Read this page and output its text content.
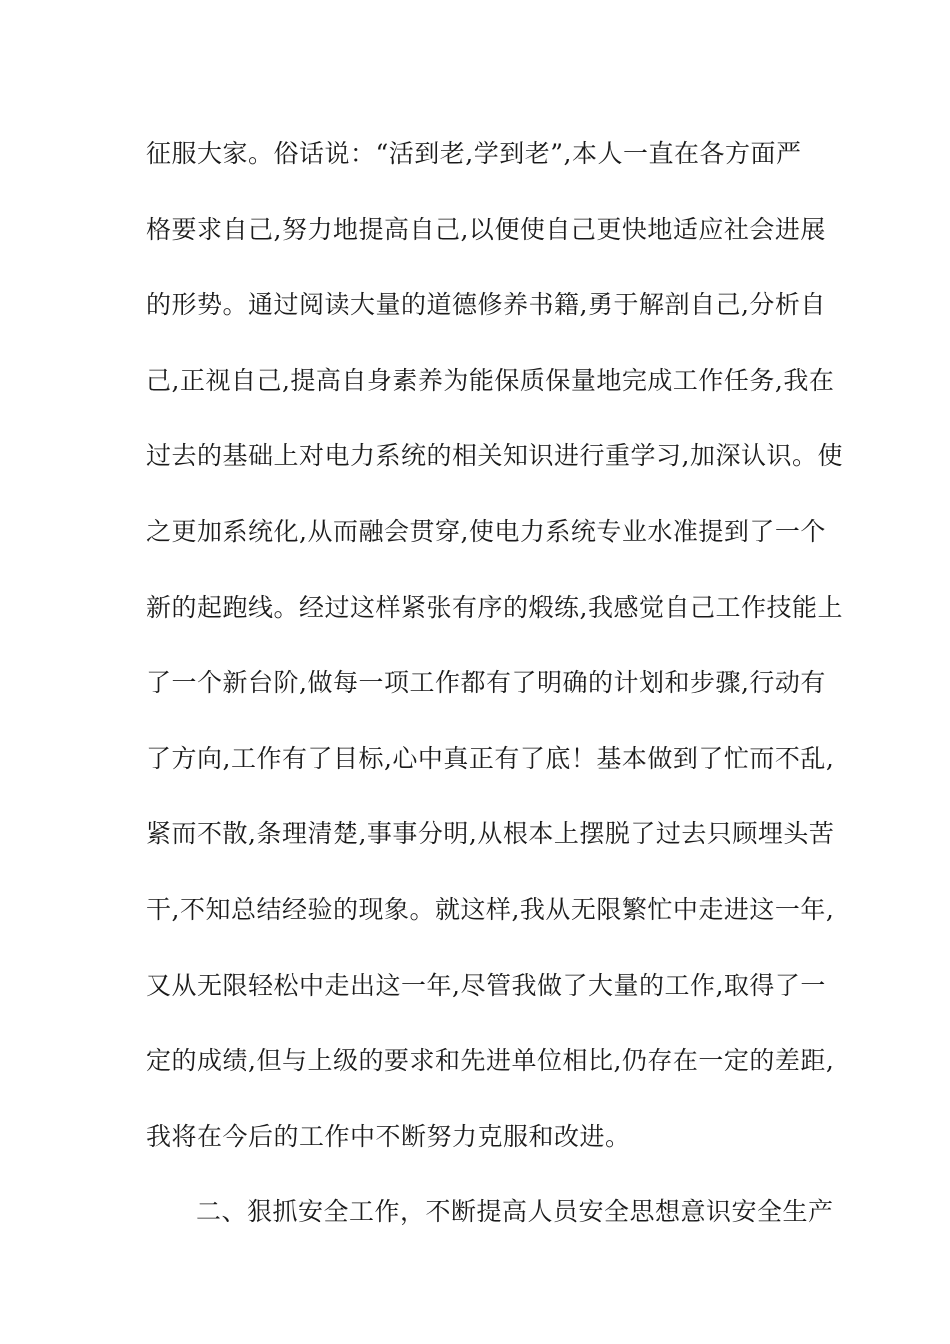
征服大家。俗话说：“活到老,学到老”,本人一直在各方面严
格要求自己,努力地提高自己,以便使自己更快地适应社会进展
的形势。通过阅读大量的道德修养书籍,勇于解剖自己,分析自
己,正视自己,提高自身素养为能保质保量地完成工作任务,我在
过去的基础上对电力系统的相关知识进行重学习,加深认识。使
之更加系统化,从而融会贯穿,使电力系统专业水准提到了一个
新的起跑线。经过这样紧张有序的煅练,我感觉自己工作技能上
了一个新台阶,做每一项工作都有了明确的计划和步骤,行动有
了方向,工作有了目标,心中真正有了底！基本做到了忙而不乱,
紧而不散,条理清楚,事事分明,从根本上摆脱了过去只顾埋头苦
干,不知总结经验的现象。就这样,我从无限繁忙中走进这一年,
又从无限轻松中走出这一年,尽管我做了大量的工作,取得了一
定的成绩,但与上级的要求和先进单位相比,仍存在一定的差距,
我将在今后的工作中不断努力克服和改进。
二、狠抓安全工作，不断提高人员安全思想意识安全生产
